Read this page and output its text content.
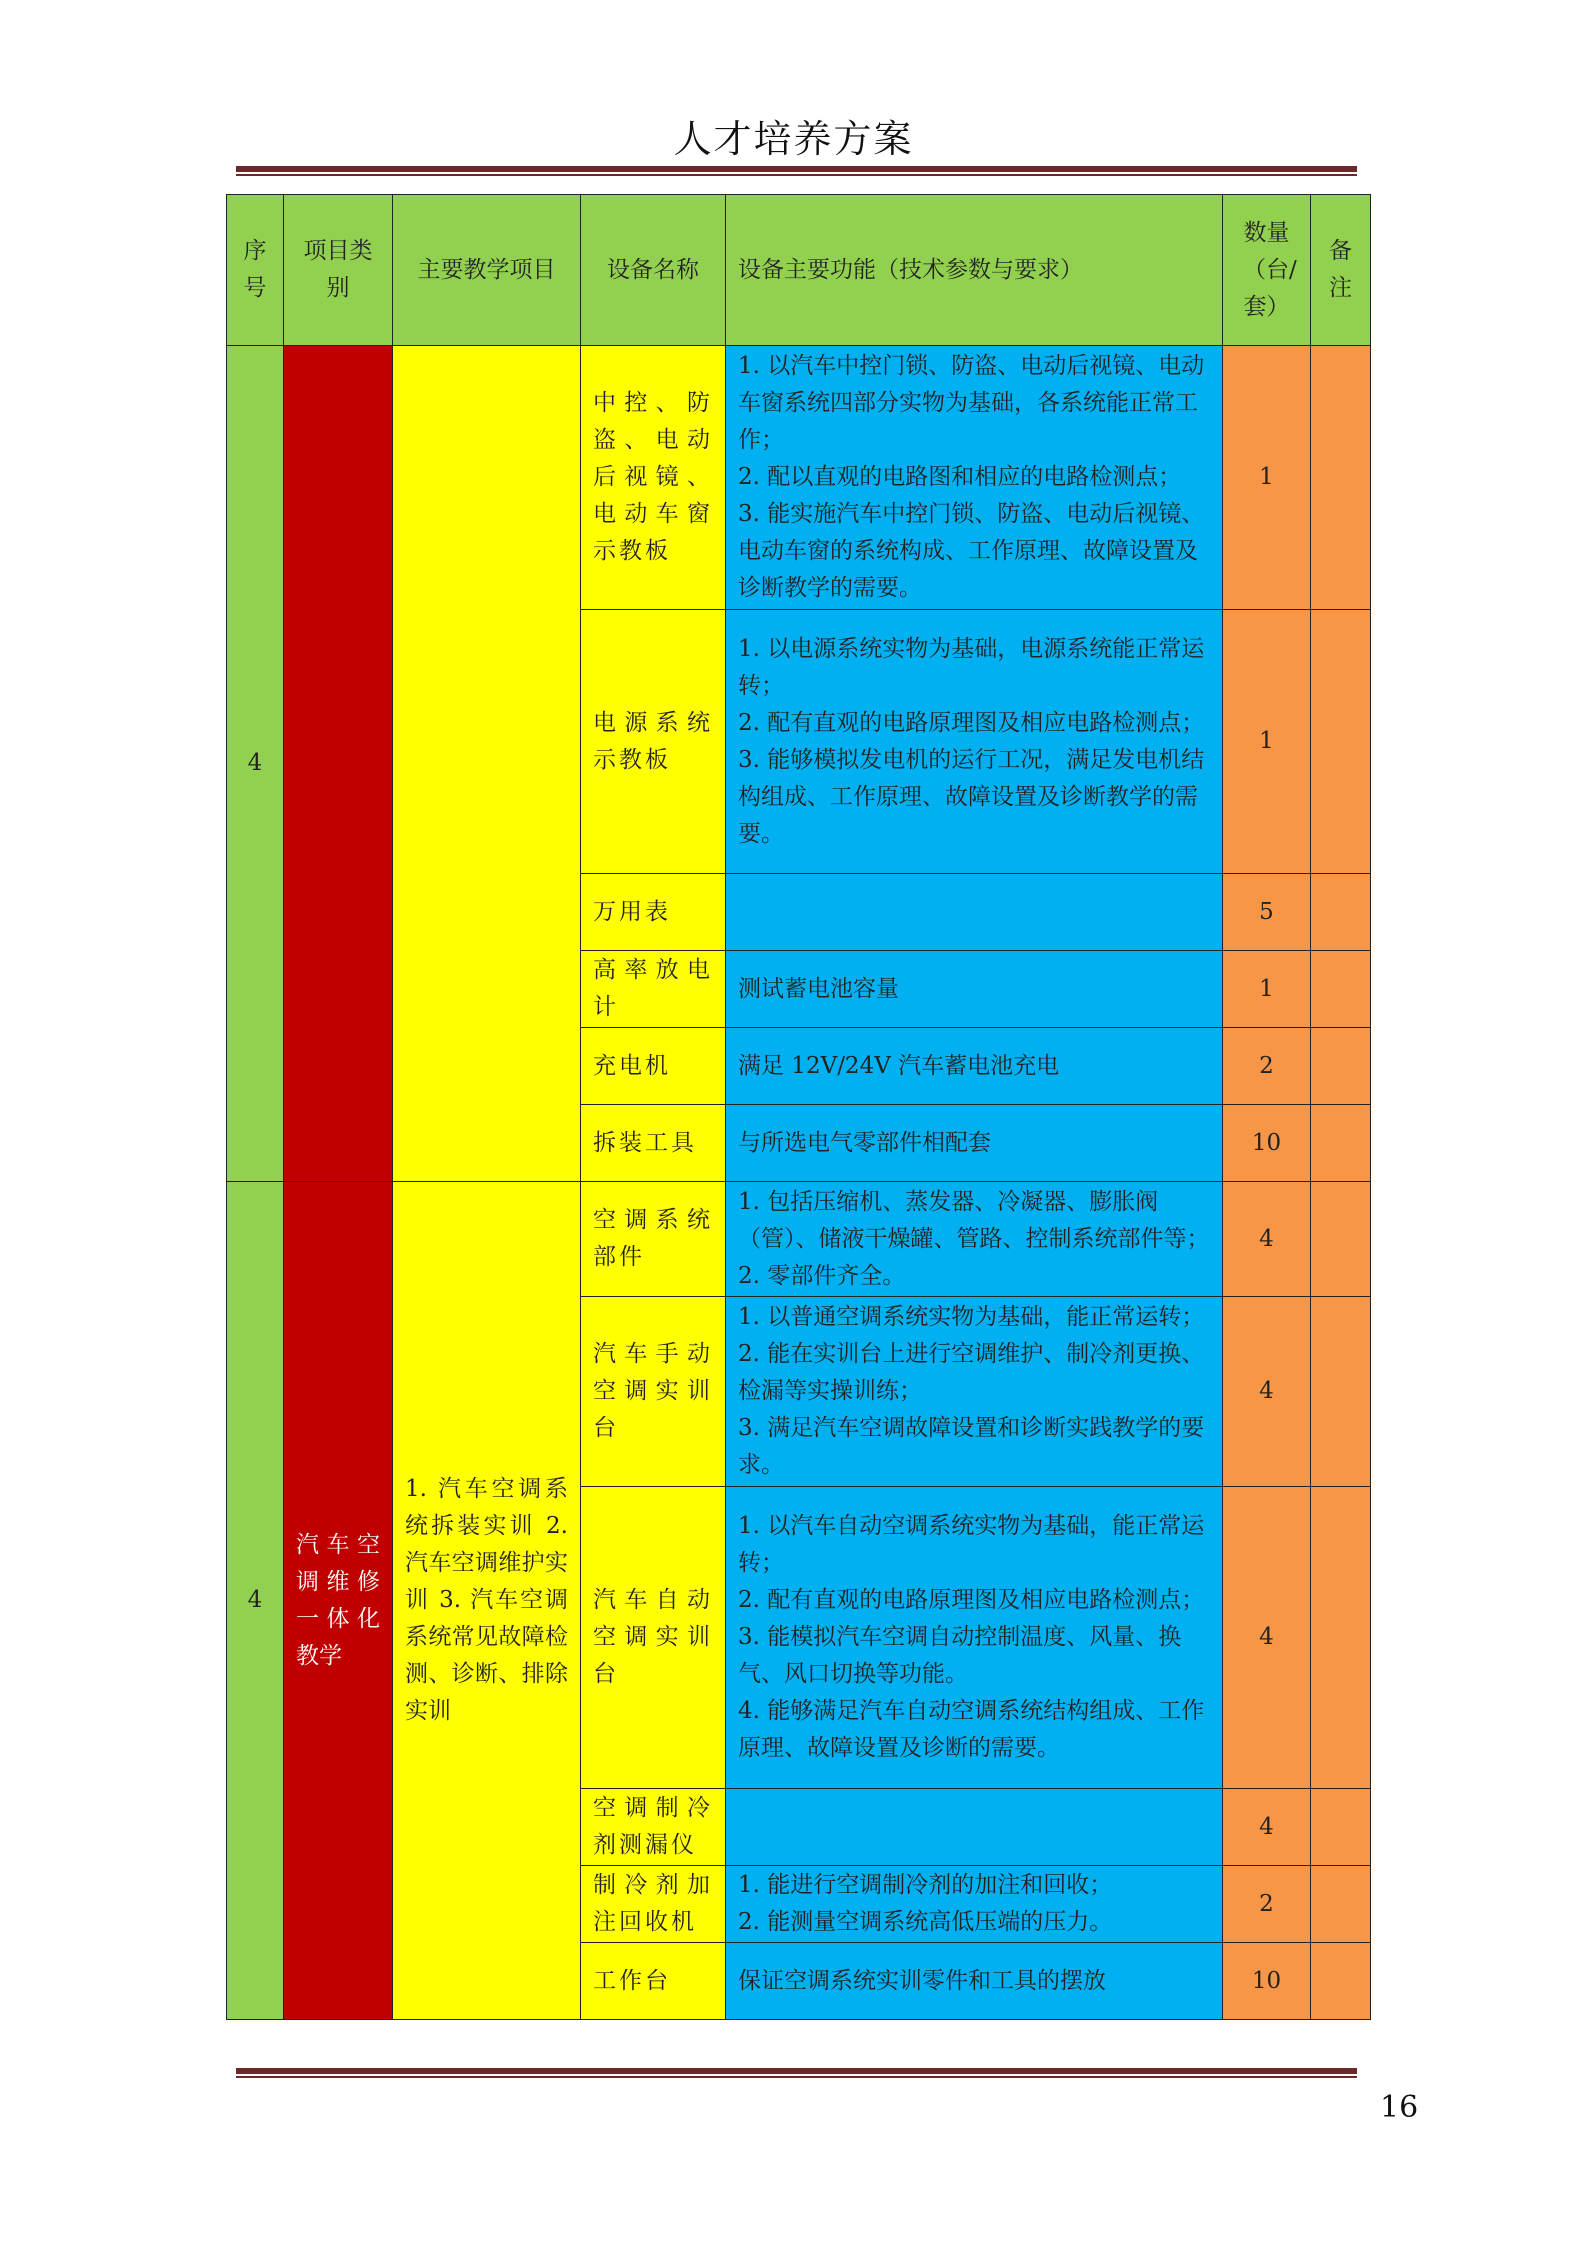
人才培养方案
序号	项目类别	主要教学项目	设备名称	设备主要功能（技术参数与要求）	数量（台/套）	备注
4			中控、防盗、电动后视镜、电动车窗示教板	1. 以汽车中控门锁、防盗、电动后视镜、电动车窗系统四部分实物为基础，各系统能正常工作；
2. 配以直观的电路图和相应的电路检测点；
3. 能实施汽车中控门锁、防盗、电动后视镜、电动车窗的系统构成、工作原理、故障设置及诊断教学的需要。	1	
			电源系统示教板	1. 以电源系统实物为基础，电源系统能正常运转；
2. 配有直观的电路原理图及相应电路检测点；
3. 能够模拟发电机的运行工况，满足发电机结构组成、工作原理、故障设置及诊断教学的需要。	1	
			万用表		5	
			高率放电计	测试蓄电池容量	1	
			充电机	满足 12V/24V 汽车蓄电池充电	2	
			拆装工具	与所选电气零部件相配套	10	
4	汽车空调维修一体化教学	1. 汽车空调系统拆装实训 2. 汽车空调维护实训 3. 汽车空调系统常见故障检测、诊断、排除实训	空调系统部件	1. 包括压缩机、蒸发器、冷凝器、膨胀阀（管）、储液干燥罐、管路、控制系统部件等；
2. 零部件齐全。	4	
			汽车手动空调实训台	1. 以普通空调系统实物为基础，能正常运转；
2. 能在实训台上进行空调维护、制冷剂更换、检漏等实操训练；
3. 满足汽车空调故障设置和诊断实践教学的要求。	4	
			汽车自动空调实训台	1. 以汽车自动空调系统实物为基础，能正常运转；
2. 配有直观的电路原理图及相应电路检测点；
3. 能模拟汽车空调自动控制温度、风量、换气、风口切换等功能。
4. 能够满足汽车自动空调系统结构组成、工作原理、故障设置及诊断的需要。	4	
			空调制冷剂测漏仪		4	
			制冷剂加注回收机	1. 能进行空调制冷剂的加注和回收；
2. 能测量空调系统高低压端的压力。	2	
			工作台	保证空调系统实训零件和工具的摆放	10	
16
